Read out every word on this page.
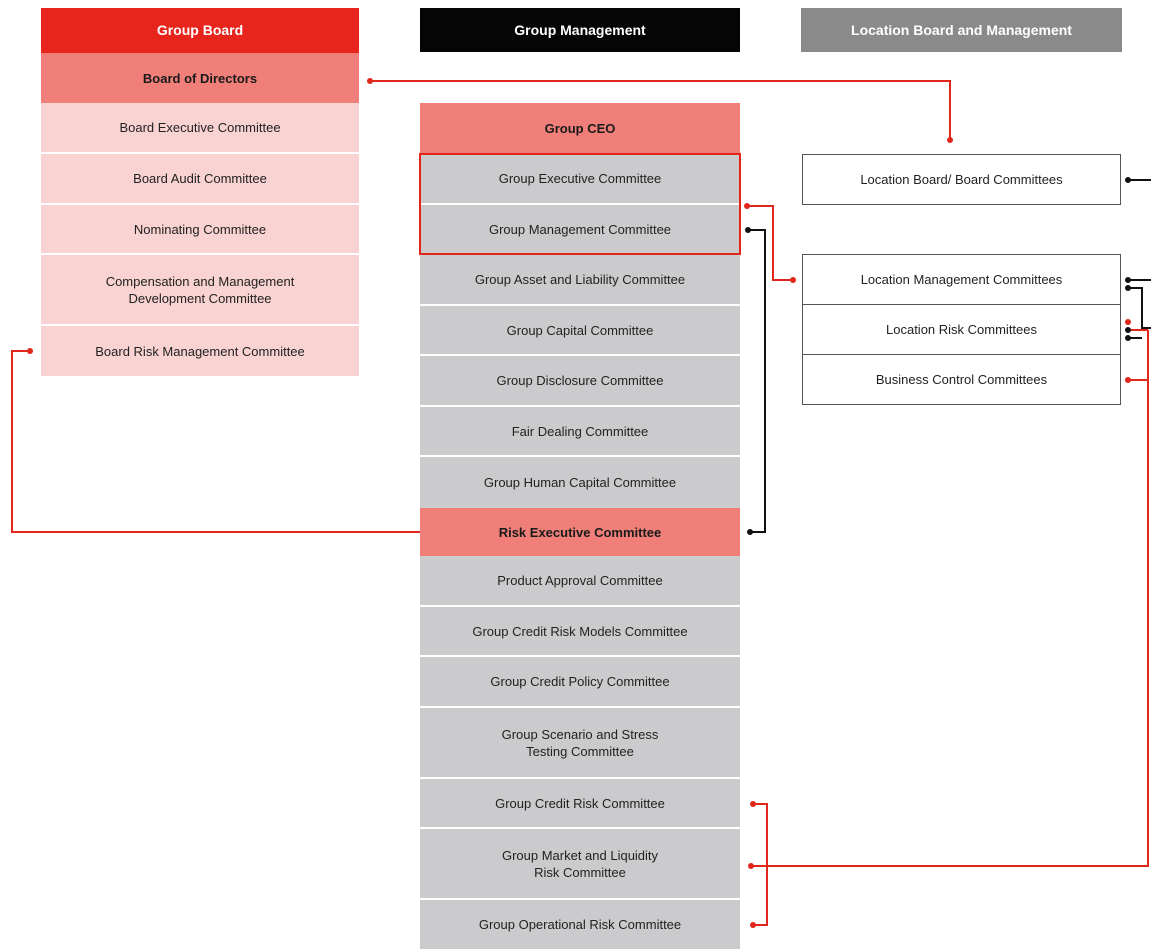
Group Board	Group Management	Location Board and Management
Board of Directors
Board Executive Committee
Board Audit Committee
Nominating Committee
Compensation and Management
Development Committee
Board Risk Management Committee
Group CEO
Group Executive Committee
Group Management Committee
Group Asset and Liability Committee
Group Capital Committee
Group Disclosure Committee
Fair Dealing Committee
Group Human Capital Committee
Risk Executive Committee
Product Approval Committee
Group Credit Risk Models Committee
Group Credit Policy Committee
Group Scenario and Stress
Testing Committee
Group Credit Risk Committee
Group Market and Liquidity
Risk Committee
Group Operational Risk Committee
Location Board/ Board Committees
Location Management Committees
Location Risk Committees
Business Control Committees
